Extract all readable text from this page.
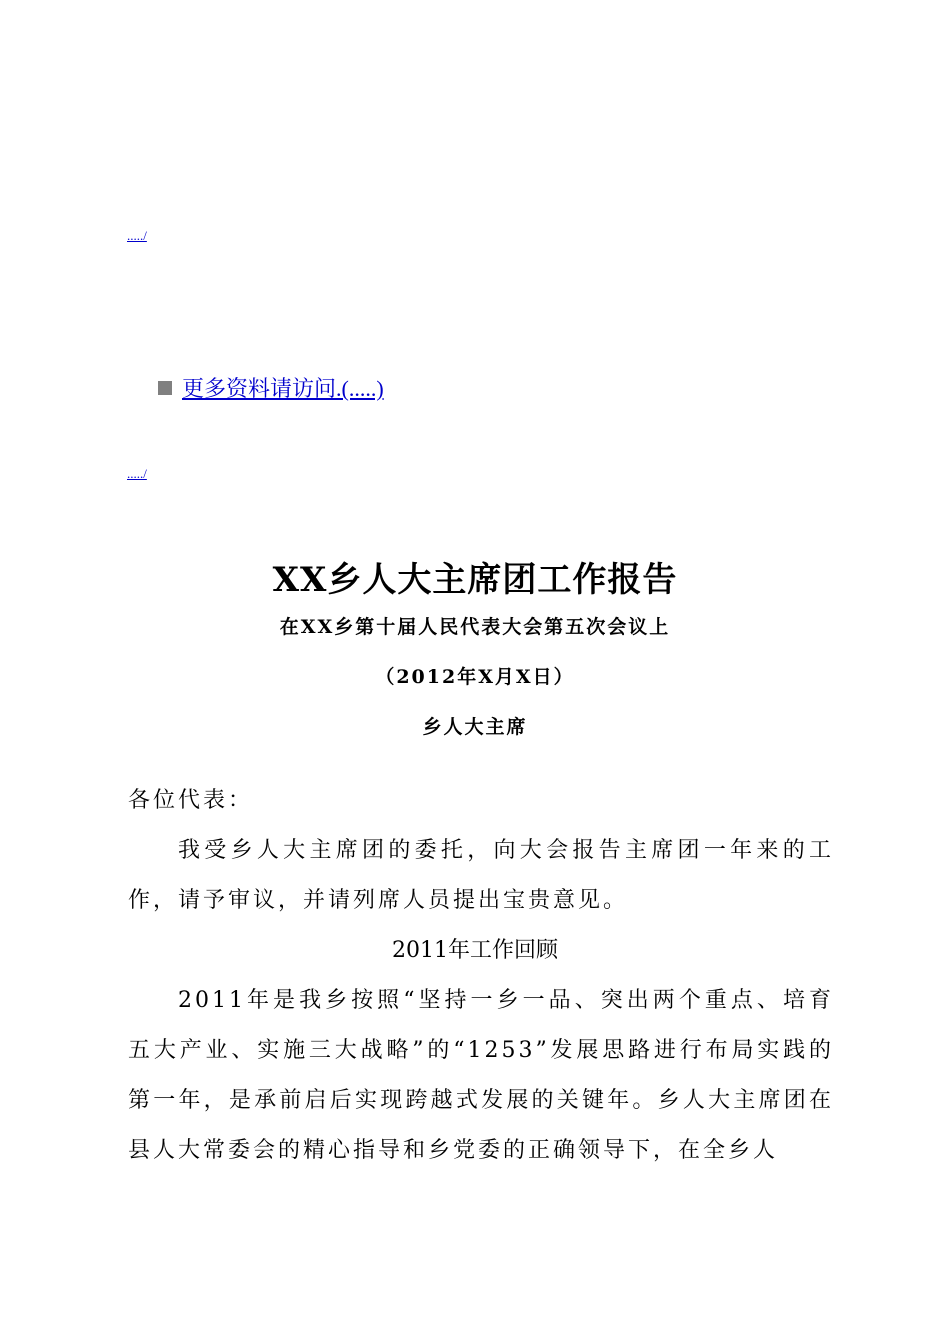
...../
更多资料请访问.(.....)
...../
XX乡人大主席团工作报告
在XX乡第十届人民代表大会第五次会议上
（2012年X月X日）
乡人大主席
各位代表：
我受乡人大主席团的委托，向大会报告主席团一年来的工作，请予审议，并请列席人员提出宝贵意见。
2011年工作回顾
2011年是我乡按照“坚持一乡一品、突出两个重点、培育五大产业、实施三大战略”的“1253”发展思路进行布局实践的第一年，是承前启后实现跨越式发展的关键年。乡人大主席团在县人大常委会的精心指导和乡党委的正确领导下，在全乡人
